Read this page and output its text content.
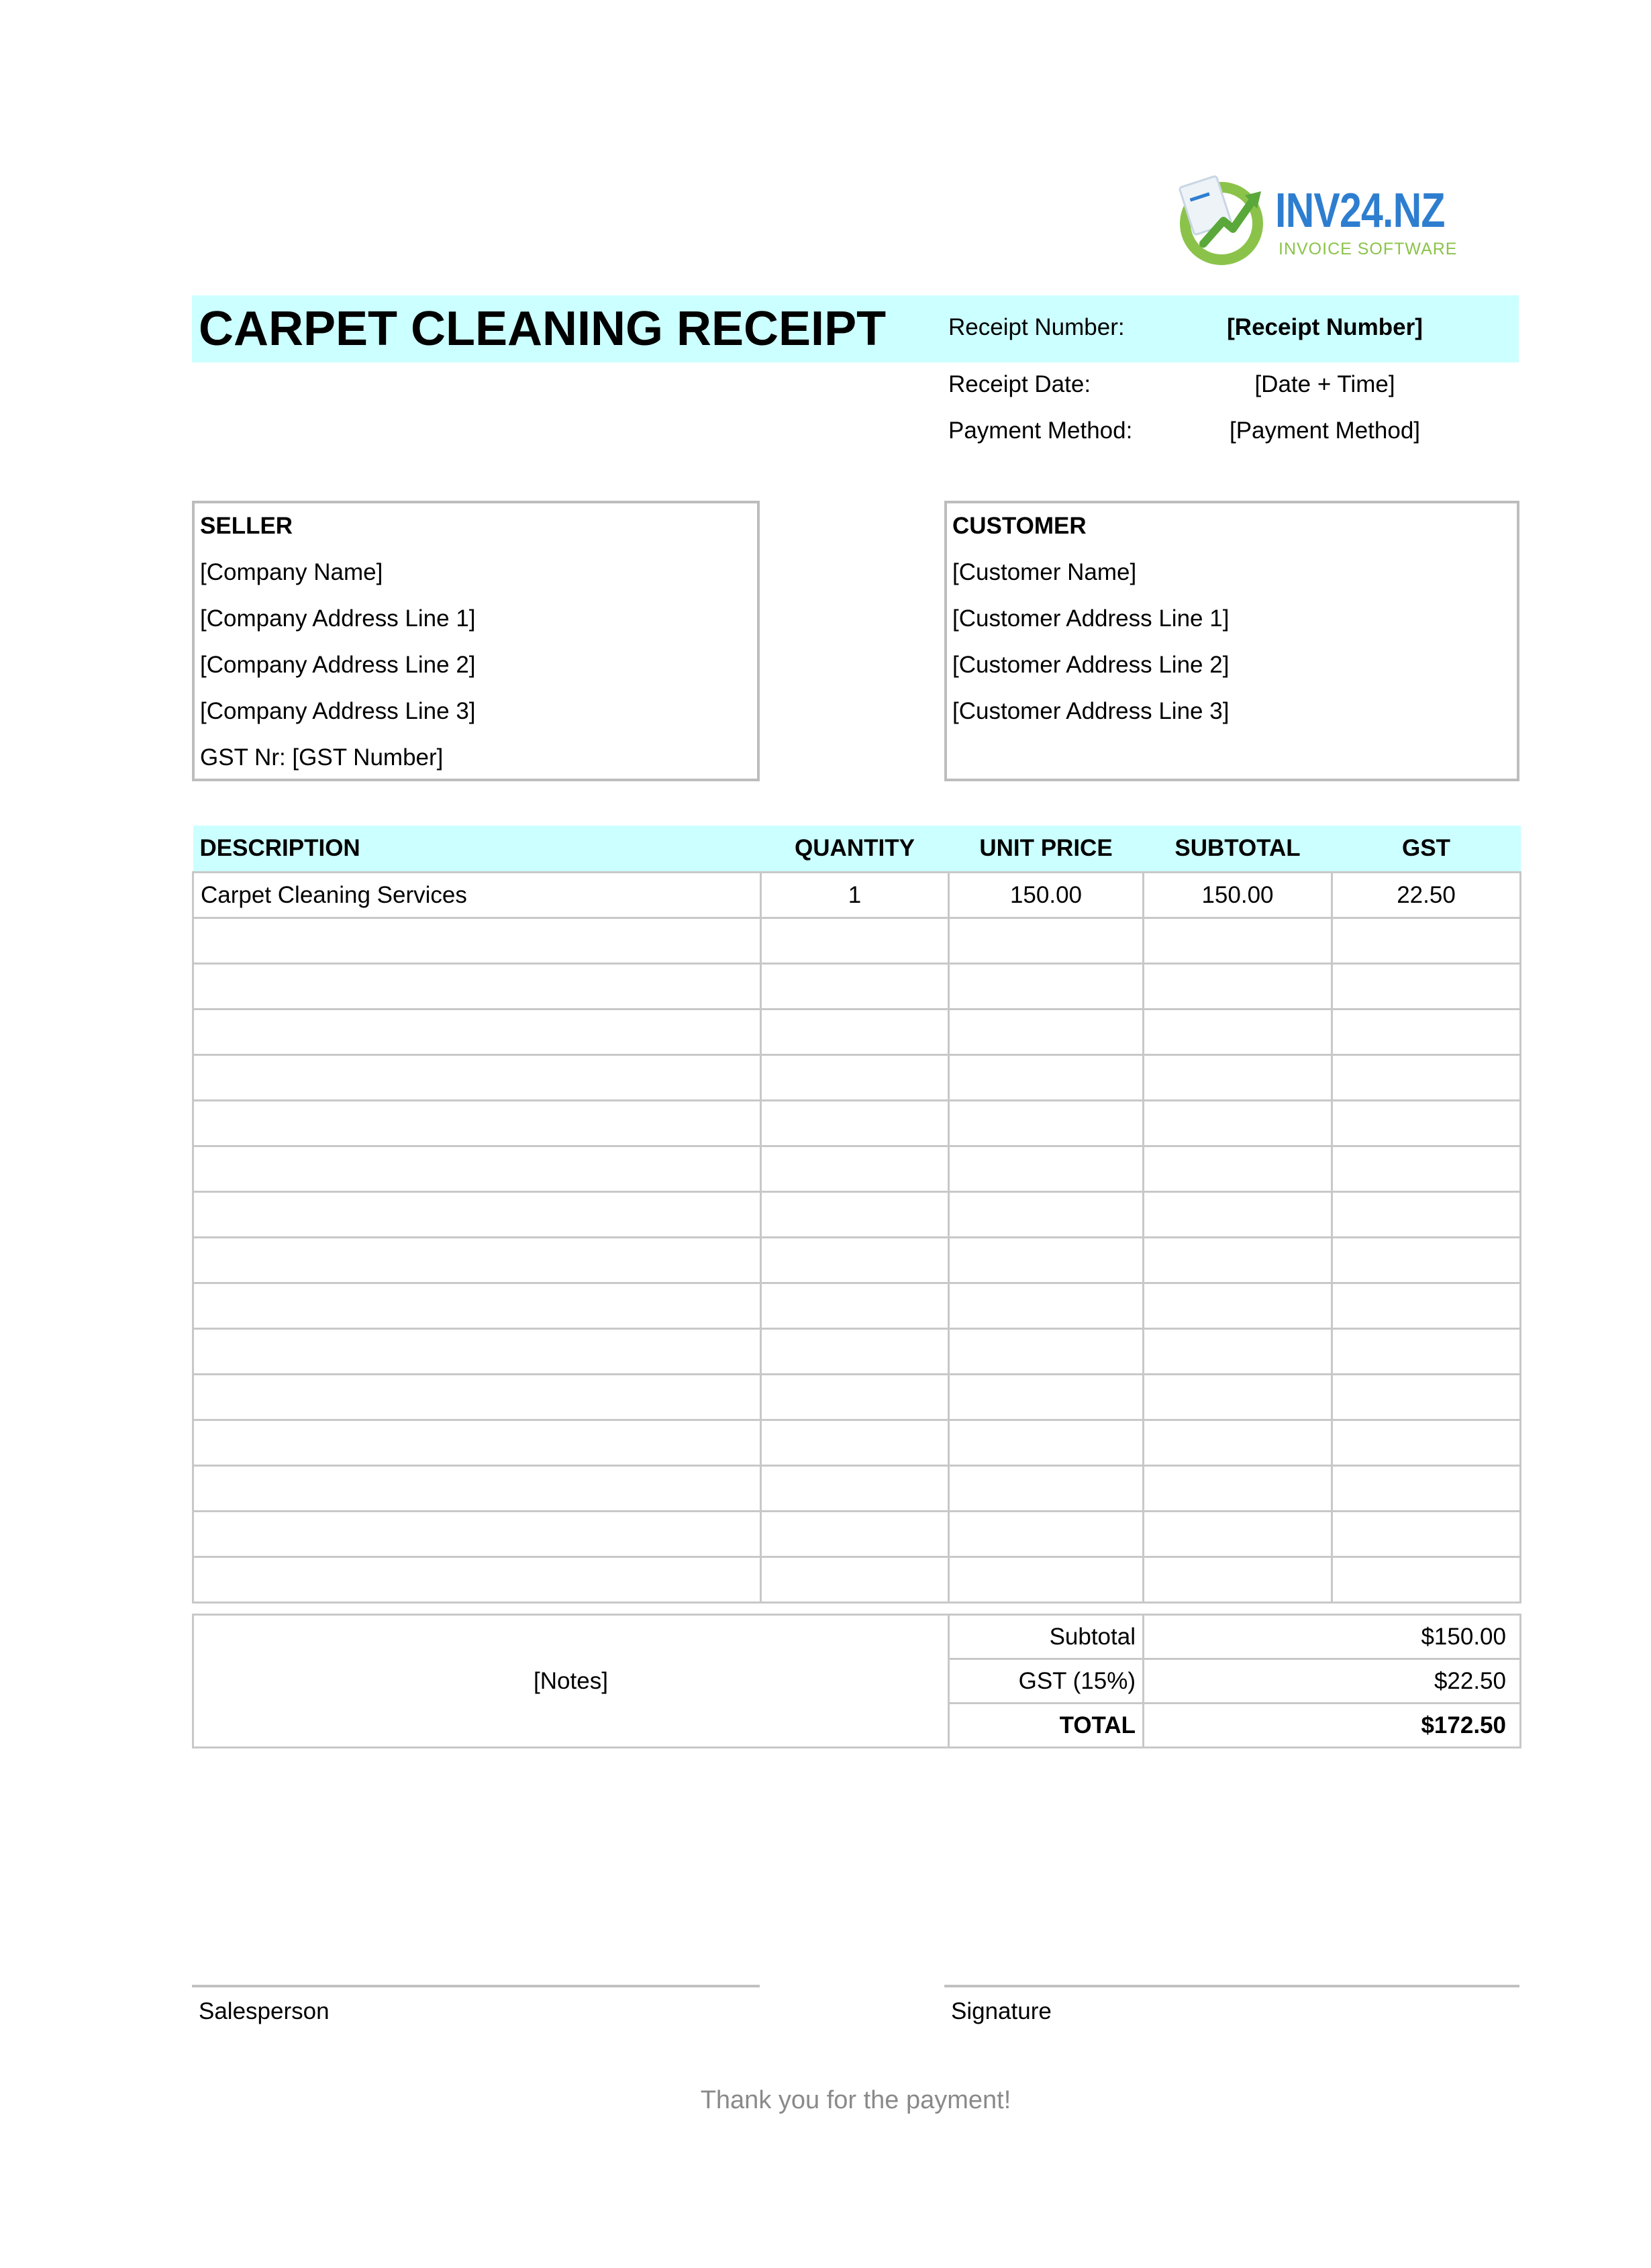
INV24.NZ
INVOICE SOFTWARE
CARPET CLEANING RECEIPT	Receipt Number:	[Receipt Number]
Receipt Date:	[Date + Time]
Payment Method:	[Payment Method]
SELLER
[Company Name]
[Company Address Line 1]
[Company Address Line 2]
[Company Address Line 3]
GST Nr: [GST Number]
CUSTOMER
[Customer Name]
[Customer Address Line 1]
[Customer Address Line 2]
[Customer Address Line 3]
DESCRIPTION	QUANTITY	UNIT PRICE	SUBTOTAL	GST
Carpet Cleaning Services	1	150.00	150.00	22.50

[Notes]	Subtotal	$150.00
	GST (15%)	$22.50
	TOTAL	$172.50
Salesperson	Signature
Thank you for the payment!
